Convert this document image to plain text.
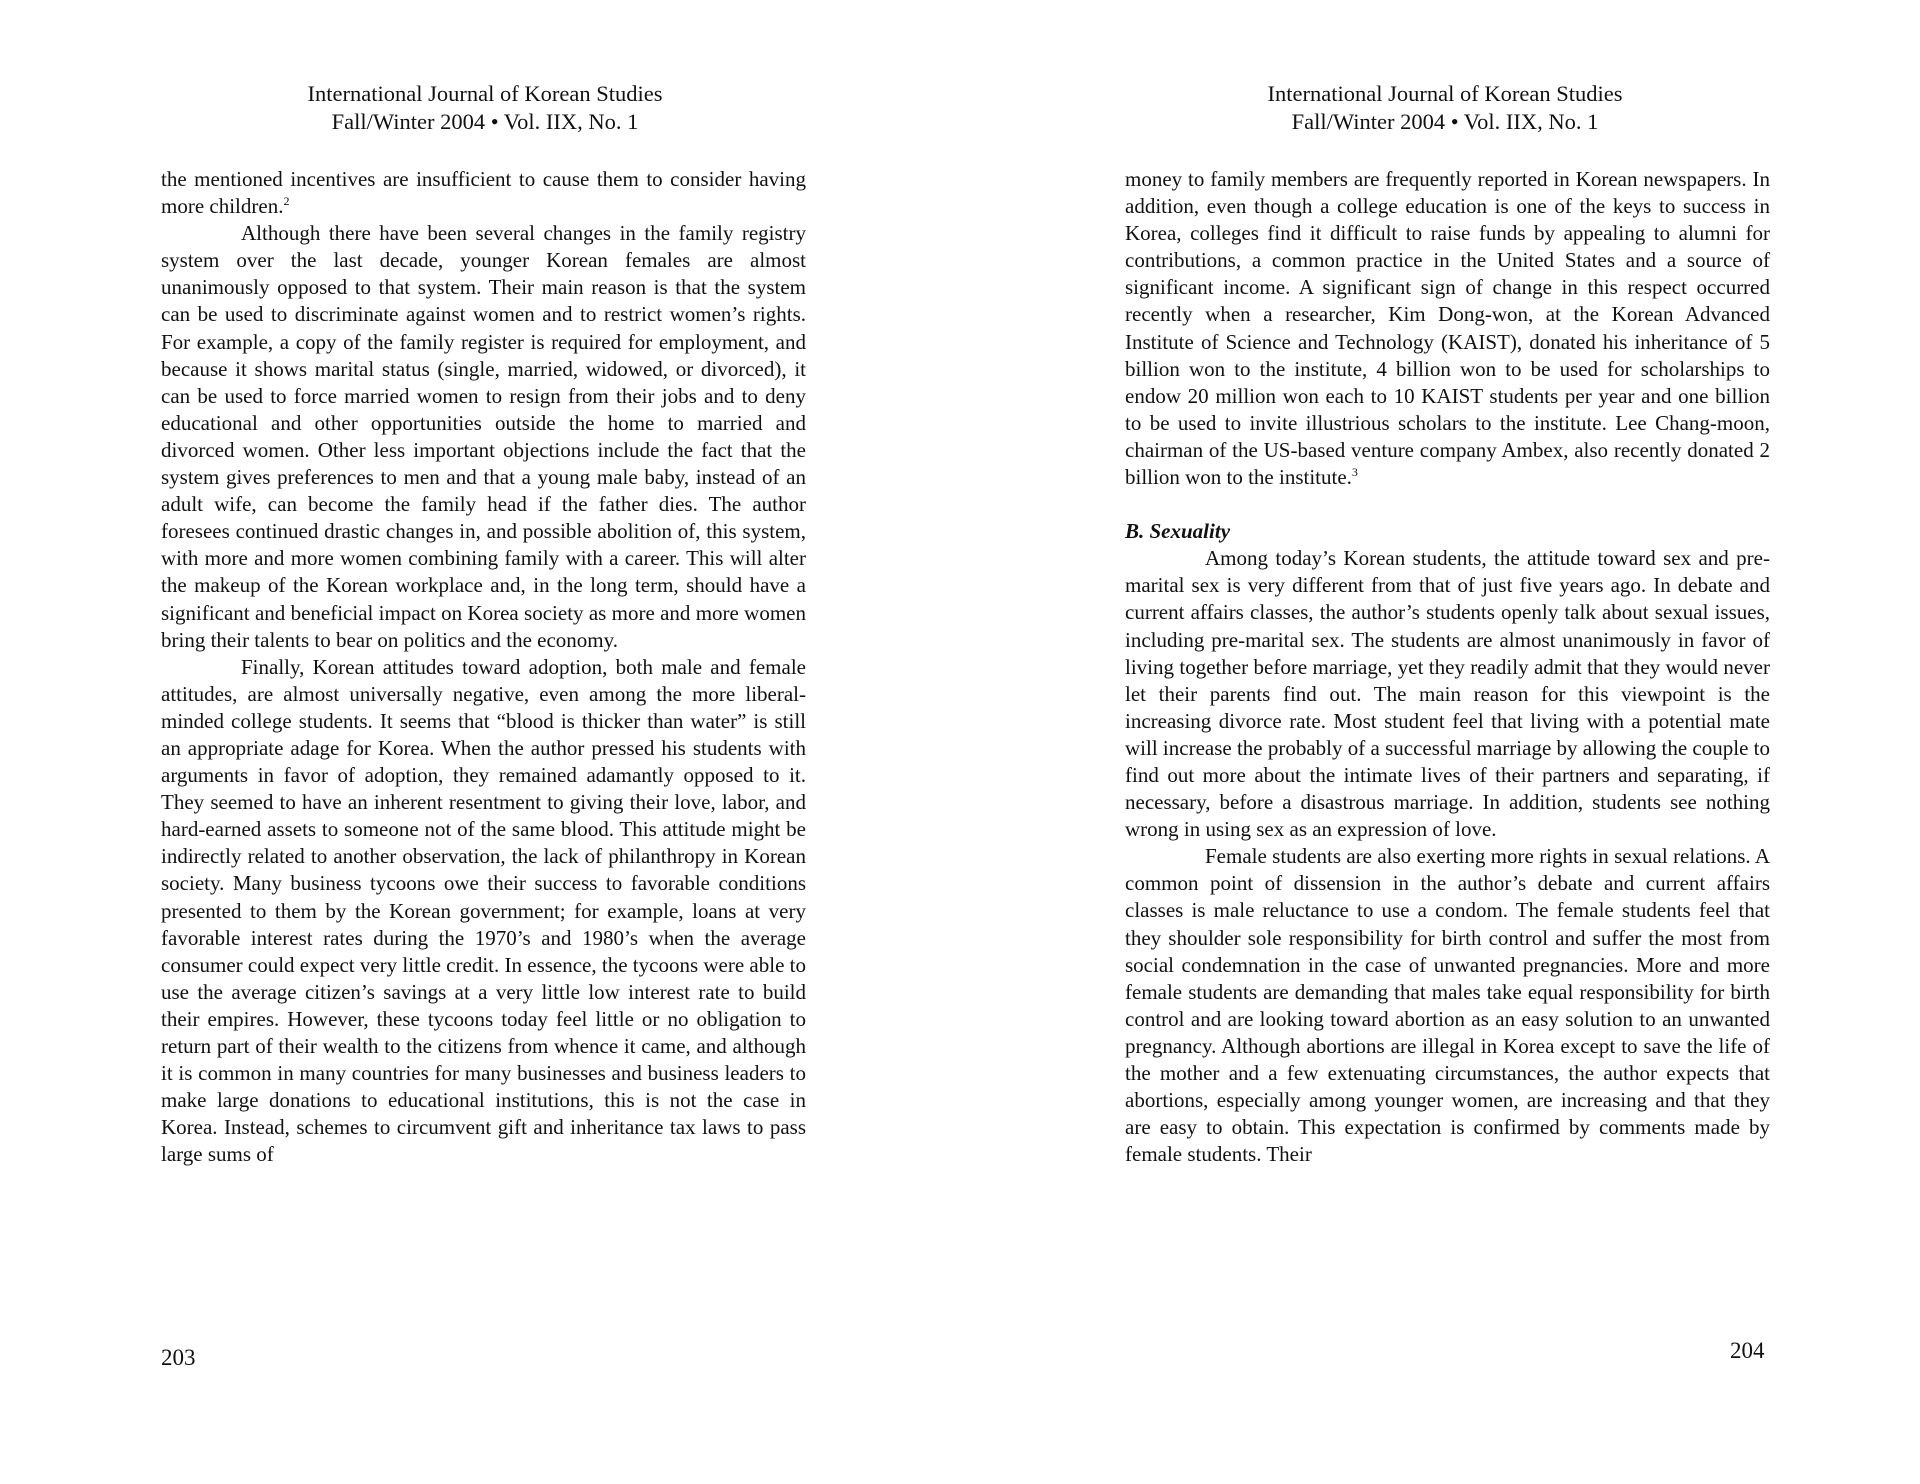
International Journal of Korean Studies
Fall/Winter 2004 • Vol. IIX, No. 1

the mentioned incentives are insufficient to cause them to consider having more children.$^2$

Although there have been several changes in the family registry system over the last decade, younger Korean females are almost unanimously opposed to that system. Their main reason is that the system can be used to discriminate against women and to restrict women’s rights. For example, a copy of the family register is required for employment, and because it shows marital status (single, married, widowed, or divorced), it can be used to force married women to resign from their jobs and to deny educational and other opportunities outside the home to married and divorced women. Other less important objections include the fact that the system gives preferences to men and that a young male baby, instead of an adult wife, can become the family head if the father dies. The author foresees continued drastic changes in, and possible abolition of, this system, with more and more women combining family with a career. This will alter the makeup of the Korean workplace and, in the long term, should have a significant and beneficial impact on Korea society as more and more women bring their talents to bear on politics and the economy.

Finally, Korean attitudes toward adoption, both male and female attitudes, are almost universally negative, even among the more liberal-minded college students. It seems that “blood is thicker than water” is still an appropriate adage for Korea. When the author pressed his students with arguments in favor of adoption, they remained adamantly opposed to it. They seemed to have an inherent resentment to giving their love, labor, and hard-earned assets to someone not of the same blood. This attitude might be indirectly related to another observation, the lack of philanthropy in Korean society. Many business tycoons owe their success to favorable conditions presented to them by the Korean government; for example, loans at very favorable interest rates during the 1970’s and 1980’s when the average consumer could expect very little credit. In essence, the tycoons were able to use the average citizen’s savings at a very little low interest rate to build their empires. However, these tycoons today feel little or no obligation to return part of their wealth to the citizens from whence it came, and although it is common in many countries for many businesses and business leaders to make large donations to educational institutions, this is not the case in Korea. Instead, schemes to circumvent gift and inheritance tax laws to pass large sums of

203
International Journal of Korean Studies
Fall/Winter 2004 • Vol. IIX, No. 1

money to family members are frequently reported in Korean newspapers. In addition, even though a college education is one of the keys to success in Korea, colleges find it difficult to raise funds by appealing to alumni for contributions, a common practice in the United States and a source of significant income. A significant sign of change in this respect occurred recently when a researcher, Kim Dong-won, at the Korean Advanced Institute of Science and Technology (KAIST), donated his inheritance of 5 billion won to the institute, 4 billion won to be used for scholarships to endow 20 million won each to 10 KAIST students per year and one billion to be used to invite illustrious scholars to the institute. Lee Chang-moon, chairman of the US-based venture company Ambex, also recently donated 2 billion won to the institute.$^3$

B. Sexuality

Among today’s Korean students, the attitude toward sex and pre-marital sex is very different from that of just five years ago. In debate and current affairs classes, the author’s students openly talk about sexual issues, including pre-marital sex. The students are almost unanimously in favor of living together before marriage, yet they readily admit that they would never let their parents find out. The main reason for this viewpoint is the increasing divorce rate. Most student feel that living with a potential mate will increase the probably of a successful marriage by allowing the couple to find out more about the intimate lives of their partners and separating, if necessary, before a disastrous marriage. In addition, students see nothing wrong in using sex as an expression of love.

Female students are also exerting more rights in sexual relations. A common point of dissension in the author’s debate and current affairs classes is male reluctance to use a condom. The female students feel that they shoulder sole responsibility for birth control and suffer the most from social condemnation in the case of unwanted pregnancies. More and more female students are demanding that males take equal responsibility for birth control and are looking toward abortion as an easy solution to an unwanted pregnancy. Although abortions are illegal in Korea except to save the life of the mother and a few extenuating circumstances, the author expects that abortions, especially among younger women, are increasing and that they are easy to obtain. This expectation is confirmed by comments made by female students. Their

204
